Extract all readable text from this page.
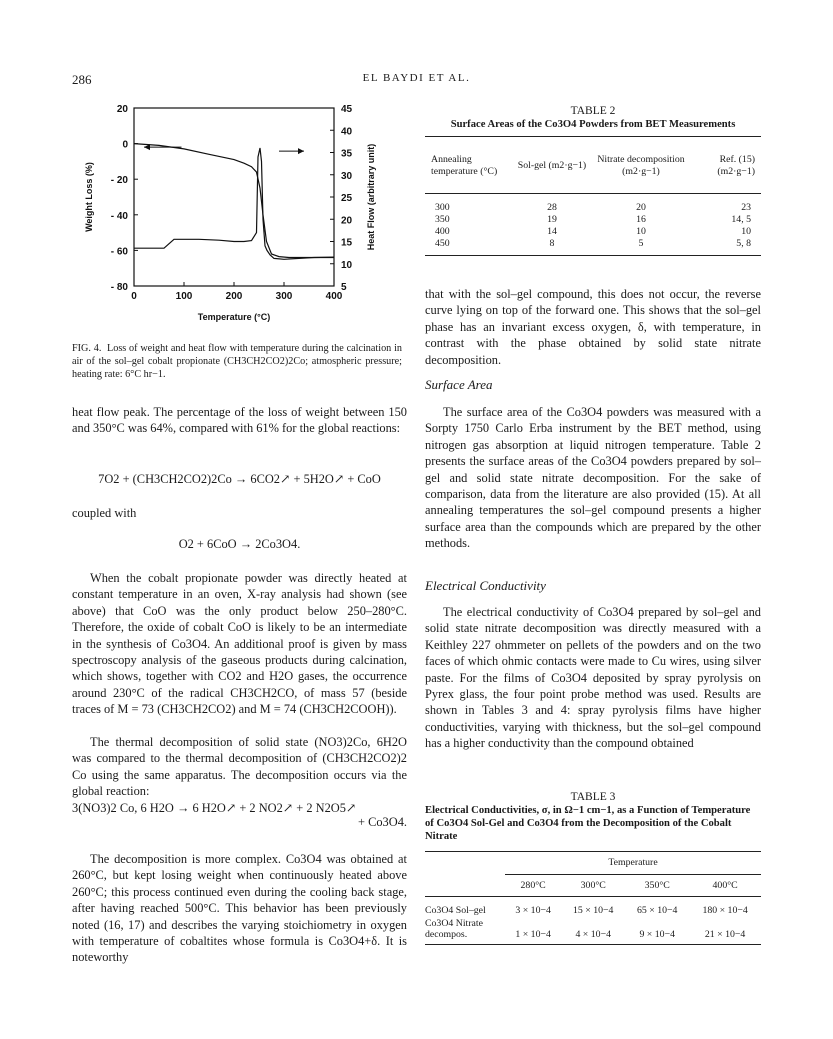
286	EL BAYDI ET AL.
0	100	200	300	400
20
0
- 20
- 40
- 60
- 80
45
40
35
30
25
20
15
10
5
Temperature (°C)
Weight Loss (%)	Heat Flow (arbitrary unit)
FIG. 4. Loss of weight and heat flow with temperature during the calcination in air of the sol–gel cobalt propionate (CH3CH2CO2)2Co; atmospheric pressure; heating rate: 6°C hr−1.
heat flow peak. The percentage of the loss of weight between 150 and 350°C was 64%, compared with 61% for the global reactions:
7O2 + (CH3CH2CO2)2Co → 6CO2↗ + 5H2O↗ + CoO
coupled with
O2 + 6CoO → 2Co3O4.
When the cobalt propionate powder was directly heated at constant temperature in an oven, X-ray analysis had shown (see above) that CoO was the only product below 250–280°C. Therefore, the oxide of cobalt CoO is likely to be an intermediate in the synthesis of Co3O4. An additional proof is given by mass spectroscopy analysis of the gaseous products during calcination, which shows, together with CO2 and H2O gases, the occurrence around 230°C of the radical CH3CH2CO, of mass 57 (beside traces of M = 73 (CH3CH2CO2) and M = 74 (CH3CH2COOH)).
The thermal decomposition of solid state (NO3)2Co, 6H2O was compared to the thermal decomposition of (CH3CH2CO2)2 Co using the same apparatus. The decomposition occurs via the global reaction:
3(NO3)2 Co, 6 H2O → 6 H2O↗ + 2 NO2↗ + 2 N2O5↗
+ Co3O4.
The decomposition is more complex. Co3O4 was obtained at 260°C, but kept losing weight when continuously heated above 260°C; this process continued even during the cooling back stage, after having reached 500°C. This behavior has been previously noted (16, 17) and describes the varying stoichiometry in oxygen with temperature of cobaltites whose formula is Co3O4+δ. It is noteworthy
TABLE 2
Surface Areas of the Co3O4 Powders from BET Measurements
Annealing temperature (°C)	Sol-gel (m2·g−1)	Nitrate decomposition (m2·g−1)	Ref. (15) (m2·g−1)
300	28	20	23
350	19	16	14, 5
400	14	10	10
450	8	5	5, 8
that with the sol–gel compound, this does not occur, the reverse curve lying on top of the forward one. This shows that the sol–gel phase has an invariant excess oxygen, δ, with temperature, in contrast with the phase obtained by solid state nitrate decomposition.
Surface Area
The surface area of the Co3O4 powders was measured with a Sorpty 1750 Carlo Erba instrument by the BET method, using nitrogen gas absorption at liquid nitrogen temperature. Table 2 presents the surface areas of the Co3O4 powders prepared by sol–gel and solid state nitrate decomposition. For the sake of comparison, data from the literature are also provided (15). At all annealing temperatures the sol–gel compound presents a higher surface area than the compounds which are prepared by the other methods.
Electrical Conductivity
The electrical conductivity of Co3O4 prepared by sol–gel and solid state nitrate decomposition was directly measured with a Keithley 227 ohmmeter on pellets of the powders and on the two faces of which ohmic contacts were made to Cu wires, using silver paste. For the films of Co3O4 deposited by spray pyrolysis on Pyrex glass, the four point probe method was used. Results are shown in Tables 3 and 4: spray pyrolysis films have higher conductivities, varying with thickness, but the sol–gel compound has a higher conductivity than the compound obtained
TABLE 3
Electrical Conductivities, σ, in Ω−1 cm−1, as a Function of Temperature of Co3O4 Sol-Gel and Co3O4 from the Decomposition of the Cobalt Nitrate
	Temperature			
	280°C	300°C	350°C	400°C
Co3O4 Sol–gel	3 × 10−4	15 × 10−4	65 × 10−4	180 × 10−4
Co3O4 Nitrate decompos.	1 × 10−4	4 × 10−4	9 × 10−4	21 × 10−4
